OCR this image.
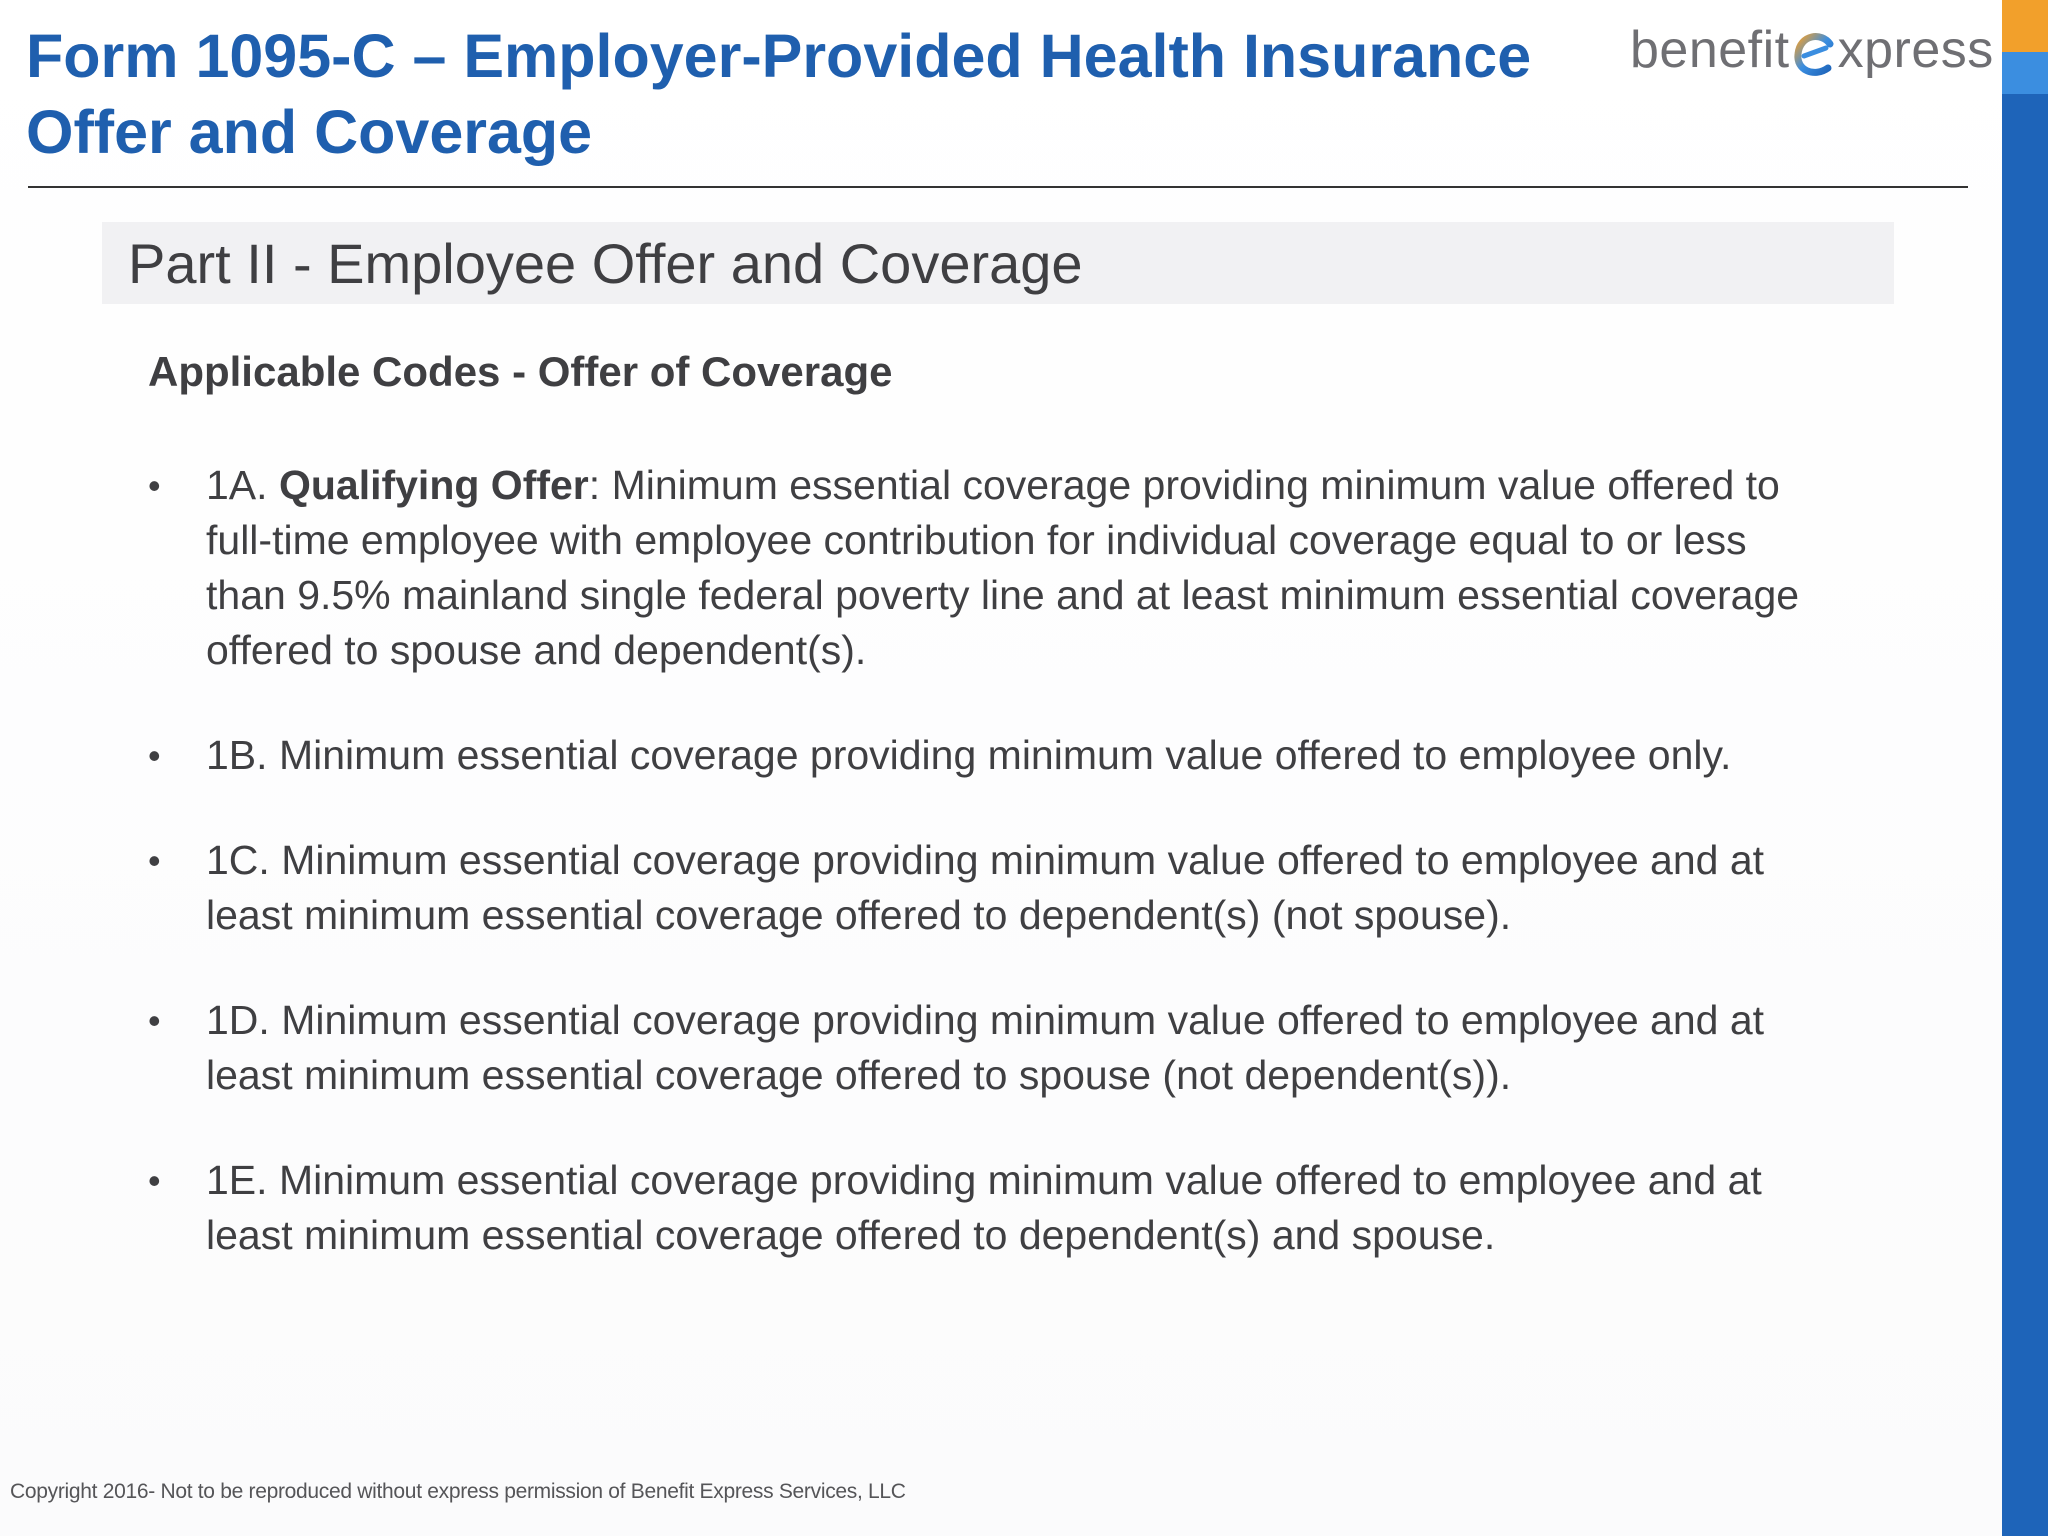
Form 1095-C – Employer-Provided Health Insurance Offer and Coverage
benefit xpress
Part II - Employee Offer and Coverage
Applicable Codes - Offer of Coverage
• 1A. Qualifying Offer: Minimum essential coverage providing minimum value offered to full-time employee with employee contribution for individual coverage equal to or less than 9.5% mainland single federal poverty line and at least minimum essential coverage offered to spouse and dependent(s).
• 1B. Minimum essential coverage providing minimum value offered to employee only.
• 1C. Minimum essential coverage providing minimum value offered to employee and at least minimum essential coverage offered to dependent(s) (not spouse).
• 1D. Minimum essential coverage providing minimum value offered to employee and at least minimum essential coverage offered to spouse (not dependent(s)).
• 1E. Minimum essential coverage providing minimum value offered to employee and at least minimum essential coverage offered to dependent(s) and spouse.
Copyright 2016- Not to be reproduced without express permission of Benefit Express Services, LLC
